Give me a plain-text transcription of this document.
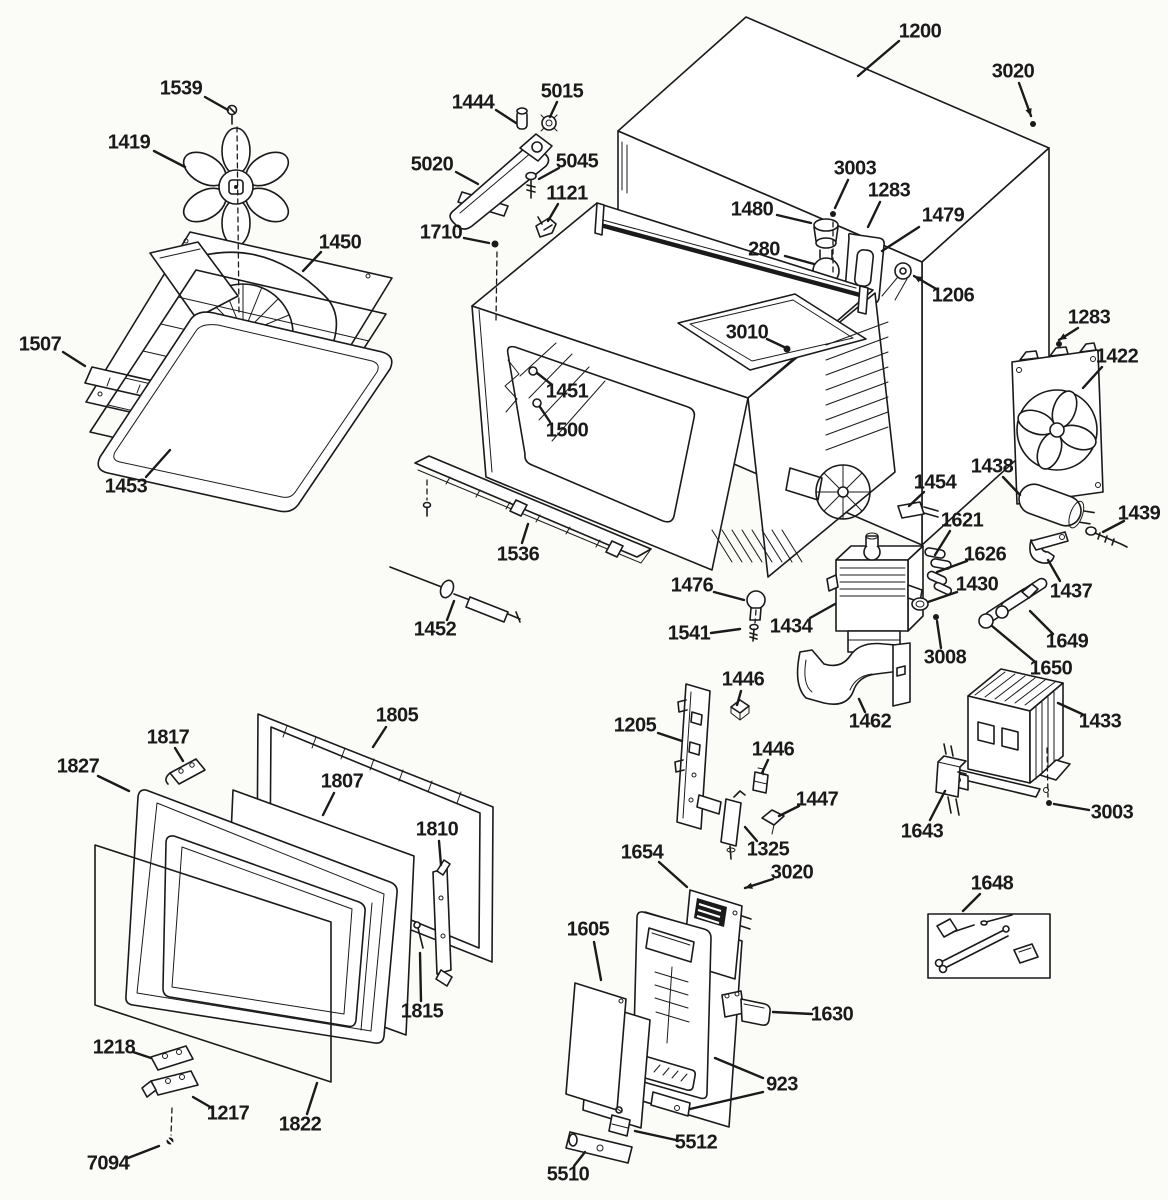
1539
1419
1450
1507
1453
1444 5015
5020	5045
1121
1710
1200
3020
3003
1283
1480	1479
280
1206
3010
1451
1500
1283
1422
1536
1452
1438
1454
1621
1626
1430
1439
1437
1476
1541	1434
3008
1649
1650
1462	1433
1205
1446
1446
1447
1325
1643
3003
1648
1654
3020
1605
1630
923
5512
5510
1805
1817
1827
1807
1810
1815
1218
1217 1822
7094
